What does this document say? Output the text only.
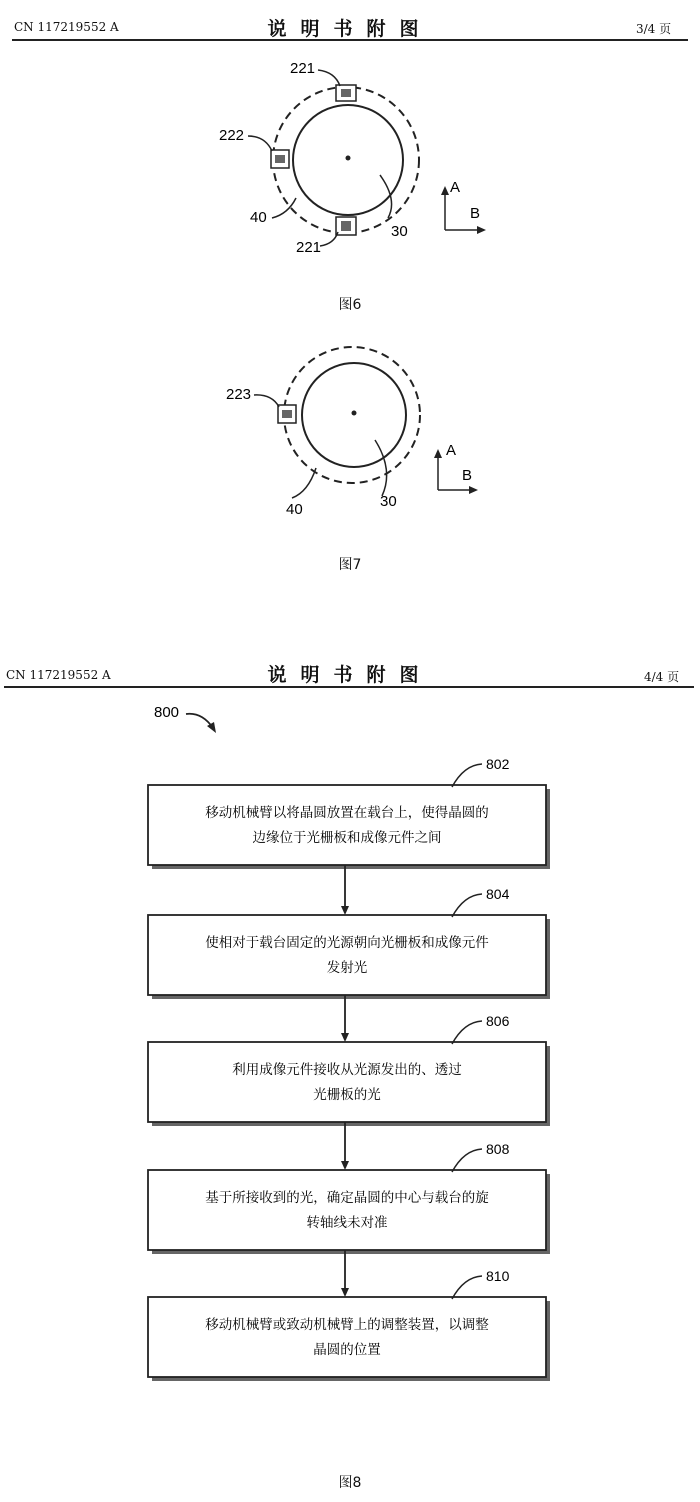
CN 117219552 A	说明书附图	3/4 页
221
222
40
221
30
A
B
图6
223
40	30
A
B
图7
CN 117219552 A	说明书附图	4/4 页
800
移动机械臂以将晶圆放置在载台上，使得晶圆的
边缘位于光栅板和成像元件之间
802
使相对于载台固定的光源朝向光栅板和成像元件
发射光
804
利用成像元件接收从光源发出的、透过
光栅板的光
806
基于所接收到的光，确定晶圆的中心与载台的旋
转轴线未对准
808
移动机械臂或致动机械臂上的调整装置，以调整
晶圆的位置
810
图8
